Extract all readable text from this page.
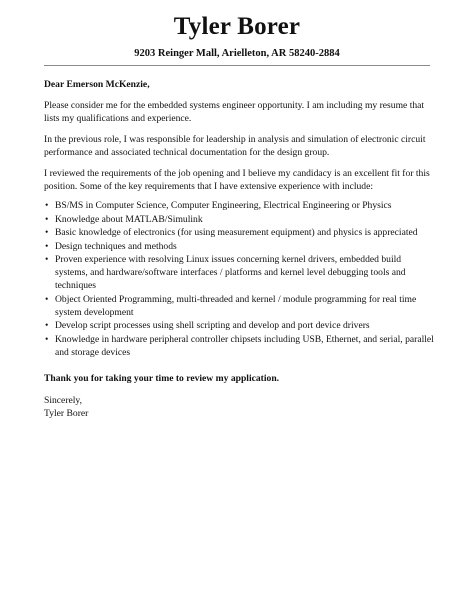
Tyler Borer
9203 Reinger Mall, Arielleton, AR 58240-2884

Dear Emerson McKenzie,

Please consider me for the embedded systems engineer opportunity. I am including my resume that lists my qualifications and experience.

In the previous role, I was responsible for leadership in analysis and simulation of electronic circuit performance and associated technical documentation for the design group.

I reviewed the requirements of the job opening and I believe my candidacy is an excellent fit for this position. Some of the key requirements that I have extensive experience with include:

• BS/MS in Computer Science, Computer Engineering, Electrical Engineering or Physics
• Knowledge about MATLAB/Simulink
• Basic knowledge of electronics (for using measurement equipment) and physics is appreciated
• Design techniques and methods
• Proven experience with resolving Linux issues concerning kernel drivers, embedded build systems, and hardware/software interfaces / platforms and kernel level debugging tools and techniques
• Object Oriented Programming, multi-threaded and kernel / module programming for real time system development
• Develop script processes using shell scripting and develop and port device drivers
• Knowledge in hardware peripheral controller chipsets including USB, Ethernet, and serial, parallel and storage devices

Thank you for taking your time to review my application.

Sincerely,

Tyler Borer
